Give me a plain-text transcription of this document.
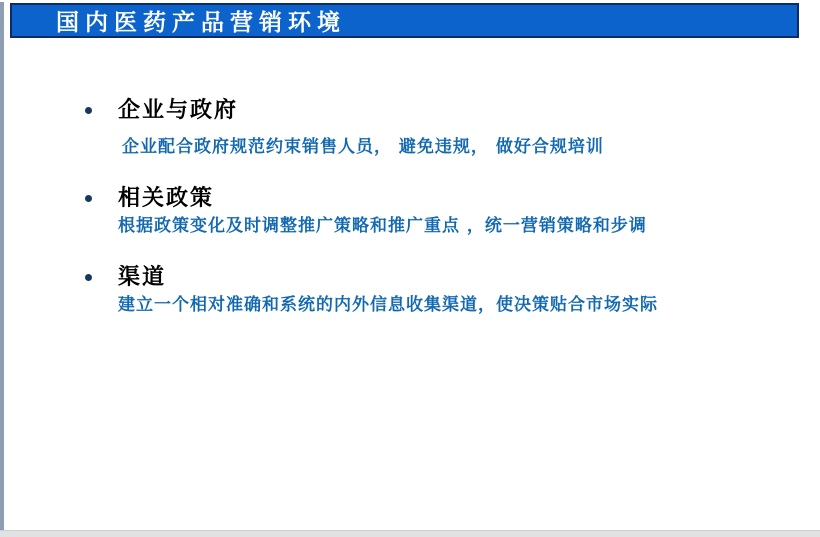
国内医药产品营销环境
企业与政府
企业配合政府规范约束销售人员， 避免违规， 做好合规培训
相关政策
根据政策变化及时调整推广策略和推广重点 ，统一营销策略和步调
渠道
建立一个相对准确和系统的内外信息收集渠道，使决策贴合市场实际
